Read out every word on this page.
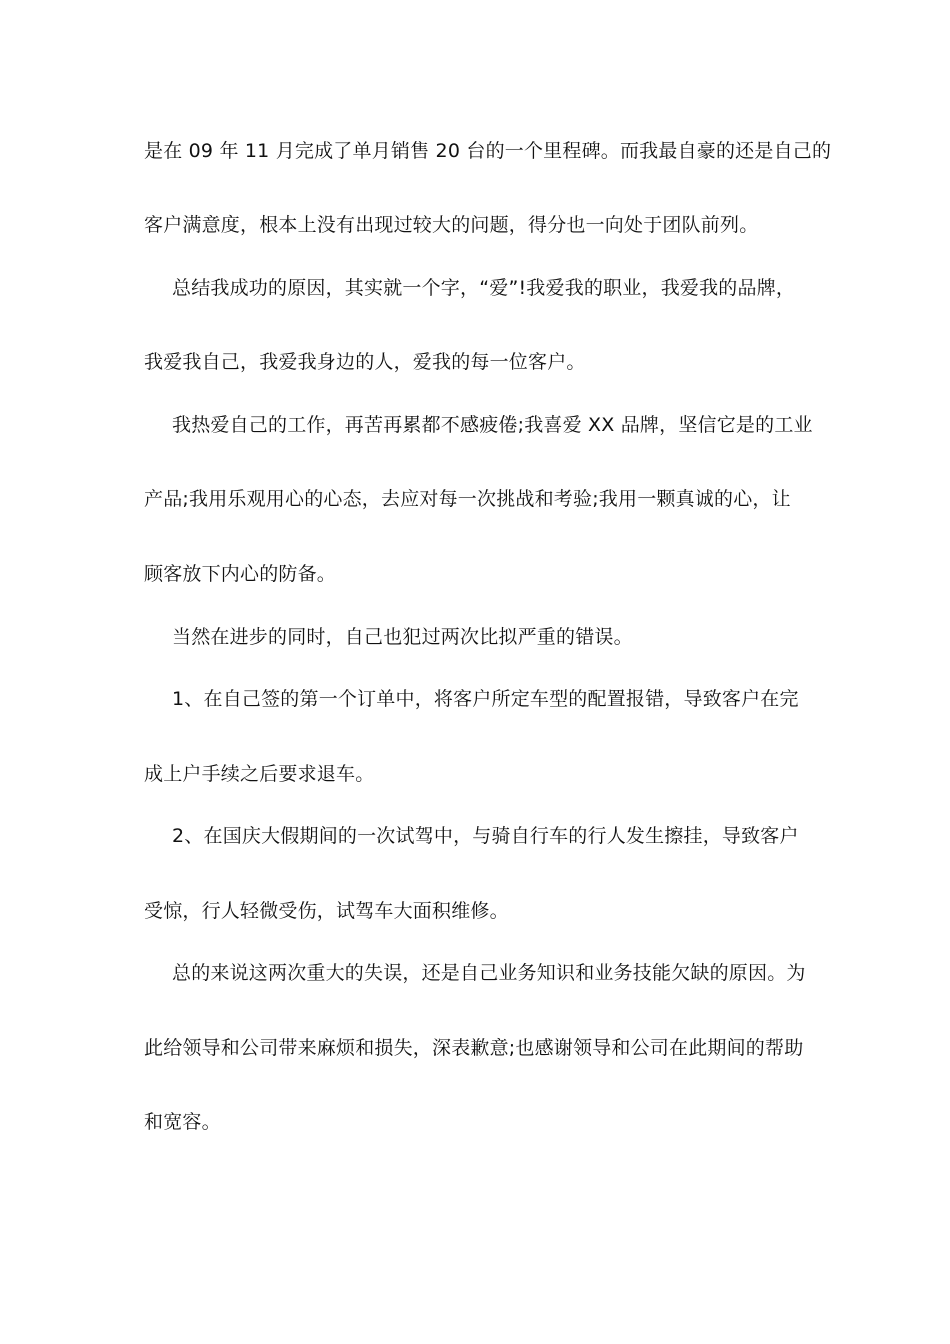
是在 09 年 11 月完成了单月销售 20 台的一个里程碑。而我最自豪的还是自己的
客户满意度，根本上没有出现过较大的问题，得分也一向处于团队前列。
总结我成功的原因，其实就一个字，“爱”!我爱我的职业，我爱我的品牌，
我爱我自己，我爱我身边的人，爱我的每一位客户。
我热爱自己的工作，再苦再累都不感疲倦;我喜爱 XX 品牌，坚信它是的工业
产品;我用乐观用心的心态，去应对每一次挑战和考验;我用一颗真诚的心，让
顾客放下内心的防备。
当然在进步的同时，自己也犯过两次比拟严重的错误。
1、在自己签的第一个订单中，将客户所定车型的配置报错，导致客户在完
成上户手续之后要求退车。
2、在国庆大假期间的一次试驾中，与骑自行车的行人发生擦挂，导致客户
受惊，行人轻微受伤，试驾车大面积维修。
总的来说这两次重大的失误，还是自己业务知识和业务技能欠缺的原因。为
此给领导和公司带来麻烦和损失，深表歉意;也感谢领导和公司在此期间的帮助
和宽容。
